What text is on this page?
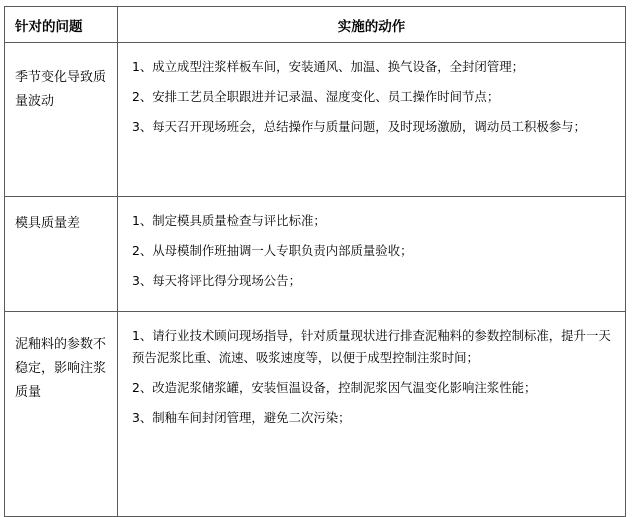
针对的问题	实施的动作
季节变化导致质量波动	1、成立成型注浆样板车间，安装通风、加温、换气设备，全封闭管理；
2、安排工艺员全职跟进并记录温、湿度变化、员工操作时间节点；
3、每天召开现场班会，总结操作与质量问题，及时现场激励，调动员工积极参与；

模具质量差	1、制定模具质量检查与评比标准；
2、从母模制作班抽调一人专职负责内部质量验收；
3、每天将评比得分现场公告；

泥釉料的参数不稳定，影响注浆质量	1、请行业技术顾问现场指导，针对质量现状进行排查泥釉料的参数控制标准，提升一天预告泥浆比重、流速、吸浆速度等，以便于成型控制注浆时间；
2、改造泥浆储浆罐，安装恒温设备，控制泥浆因气温变化影响注浆性能；
3、制釉车间封闭管理，避免二次污染；
